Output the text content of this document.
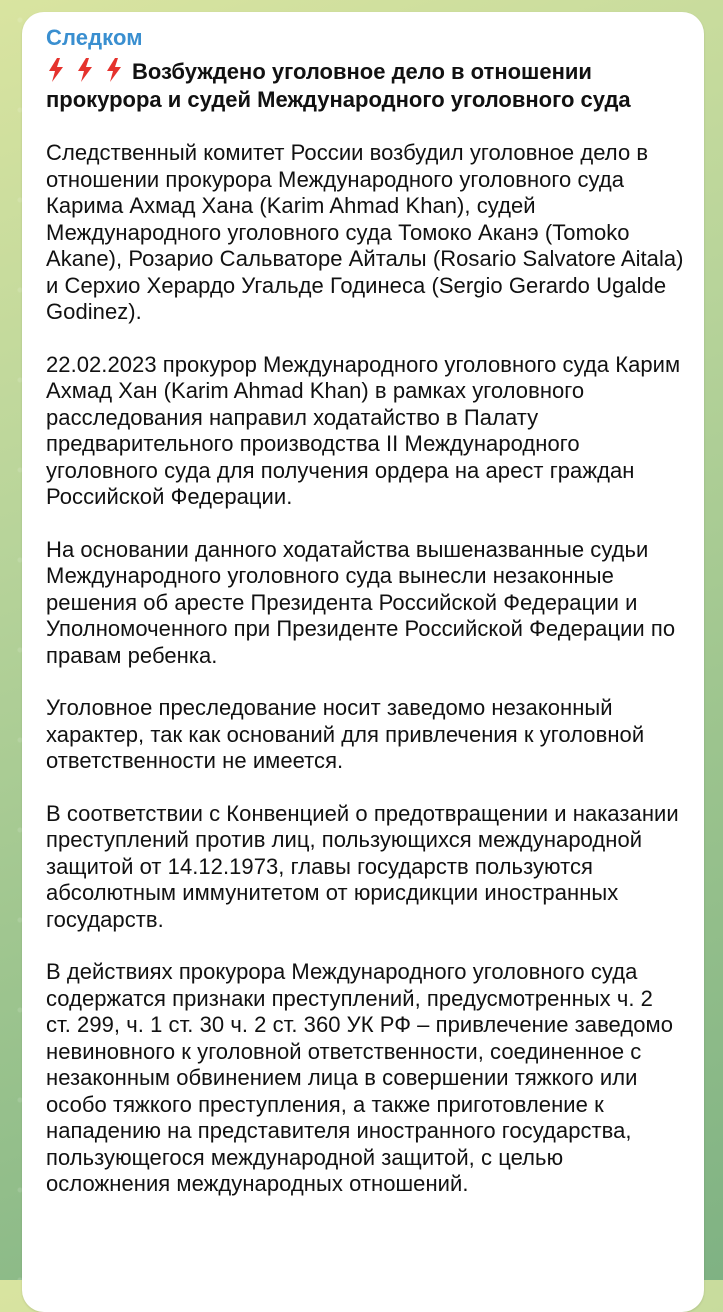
Следком
Возбуждено уголовное дело в отношении прокурора и судей Международного уголовного суда

Следственный комитет России возбудил уголовное дело в отношении прокурора Международного уголовного суда Карима Ахмад Хана (Karim Ahmad Khan), судей Международного уголовного суда Томоко Аканэ (Tomoko Akane), Розарио Сальваторе Айталы (Rosario Salvatore Aitala) и Серхио Херардо Угальде Годинеса (Sergio Gerardo Ugalde Godinez).

22.02.2023 прокурор Международного уголовного суда Карим Ахмад Хан (Karim Ahmad Khan) в рамках уголовного расследования направил ходатайство в Палату предварительного производства II Международного уголовного суда для получения ордера на арест граждан Российской Федерации.

На основании данного ходатайства вышеназванные судьи Международного уголовного суда вынесли незаконные решения об аресте Президента Российской Федерации и Уполномоченного при Президенте Российской Федерации по правам ребенка.

Уголовное преследование носит заведомо незаконный характер, так как оснований для привлечения к уголовной ответственности не имеется.

В соответствии с Конвенцией о предотвращении и наказании преступлений против лиц, пользующихся международной защитой от 14.12.1973, главы государств пользуются абсолютным иммунитетом от юрисдикции иностранных государств.

В действиях прокурора Международного уголовного суда содержатся признаки преступлений, предусмотренных ч. 2 ст. 299, ч. 1 ст. 30 ч. 2 ст. 360 УК РФ – привлечение заведомо невиновного к уголовной ответственности, соединенное с незаконным обвинением лица в совершении тяжкого или особо тяжкого преступления, а также приготовление к нападению на представителя иностранного государства, пользующегося международной защитой, с целью осложнения международных отношений.
